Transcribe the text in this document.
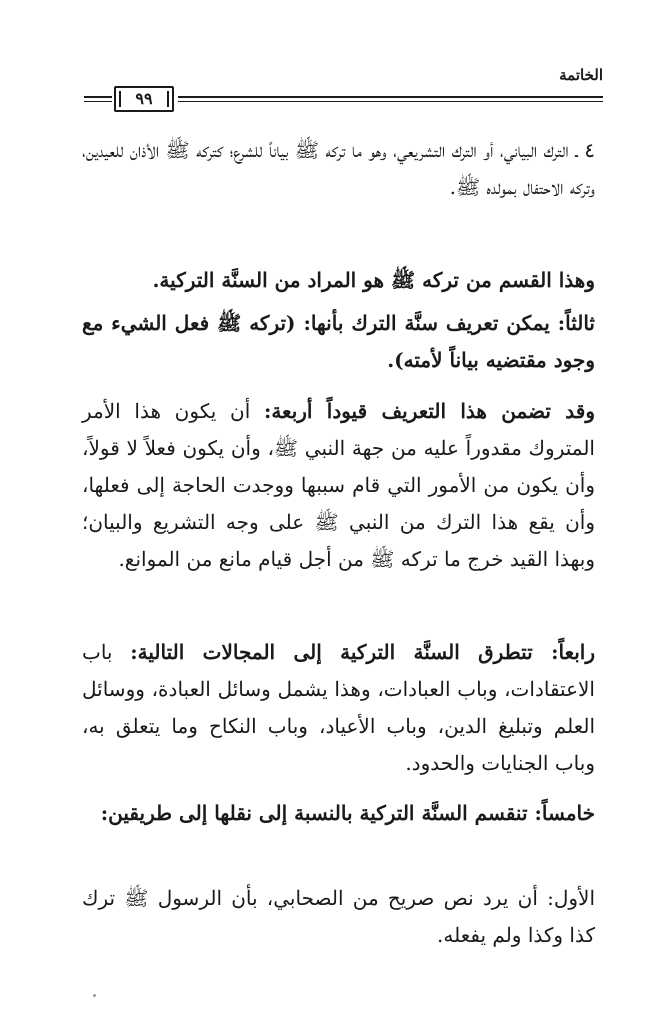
الخاتمة
٩٩

٤ ـ الترك البياني، أو الترك التشريعي، وهو ما تركه ﷺ بياناً للشرع؛ كتركه ﷺ الأذان للعيدين، وتركه الاحتفال بمولده ﷺ.

وهذا القسم من تركه ﷺ هو المراد من السنَّة التركية.

ثالثاً: يمكن تعريف سنَّة الترك بأنها: (تركه ﷺ فعل الشيء مع وجود مقتضيه بياناً لأمته).

وقد تضمن هذا التعريف قيوداً أربعة: أن يكون هذا الأمر المتروك مقدوراً عليه من جهة النبي ﷺ، وأن يكون فعلاً لا قولاً، وأن يكون من الأمور التي قام سببها ووجدت الحاجة إلى فعلها، وأن يقع هذا الترك من النبي ﷺ على وجه التشريع والبيان؛ وبهذا القيد خرج ما تركه ﷺ من أجل قيام مانع من الموانع.

رابعاً: تتطرق السنَّة التركية إلى المجالات التالية: باب الاعتقادات، وباب العبادات، وهذا يشمل وسائل العبادة، ووسائل العلم وتبليغ الدين، وباب الأعياد، وباب النكاح وما يتعلق به، وباب الجنايات والحدود.

خامساً: تنقسم السنَّة التركية بالنسبة إلى نقلها إلى طريقين:

الأول: أن يرد نص صريح من الصحابي، بأن الرسول ﷺ ترك كذا وكذا ولم يفعله.
